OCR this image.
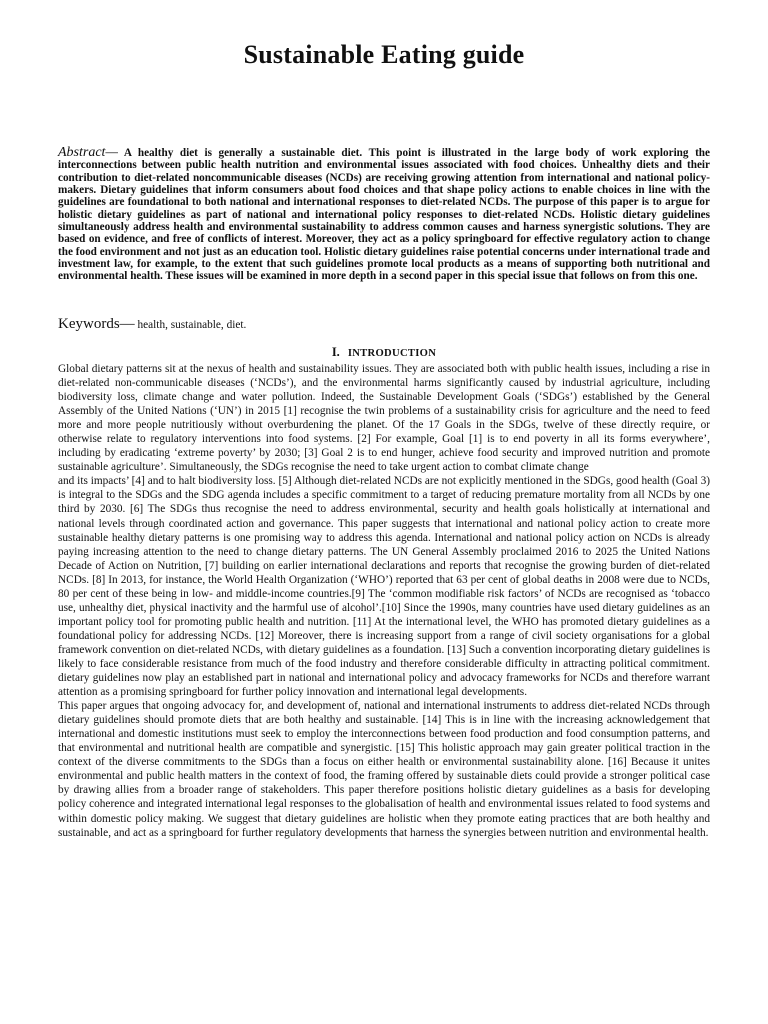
Sustainable Eating guide

Abstract— A healthy diet is generally a sustainable diet. This point is illustrated in the large body of work exploring the interconnections between public health nutrition and environmental issues associated with food choices. Unhealthy diets and their contribution to diet-related noncommunicable diseases (NCDs) are receiving growing attention from international and national policy-makers. Dietary guidelines that inform consumers about food choices and that shape policy actions to enable choices in line with the guidelines are foundational to both national and international responses to diet-related NCDs. The purpose of this paper is to argue for holistic dietary guidelines as part of national and international policy responses to diet-related NCDs. Holistic dietary guidelines simultaneously address health and environmental sustainability to address common causes and harness synergistic solutions. They are based on evidence, and free of conflicts of interest. Moreover, they act as a policy springboard for effective regulatory action to change the food environment and not just as an education tool. Holistic dietary guidelines raise potential concerns under international trade and investment law, for example, to the extent that such guidelines promote local products as a means of supporting both nutritional and environmental health. These issues will be examined in more depth in a second paper in this special issue that follows on from this one.

Keywords— health, sustainable, diet.

I. INTRODUCTION

Global dietary patterns sit at the nexus of health and sustainability issues. They are associated both with public health issues, including a rise in diet-related non-communicable diseases (‘NCDs’), and the environmental harms significantly caused by industrial agriculture, including biodiversity loss, climate change and water pollution. Indeed, the Sustainable Development Goals (‘SDGs’) established by the General Assembly of the United Nations (‘UN’) in 2015 [1] recognise the twin problems of a sustainability crisis for agriculture and the need to feed more and more people nutritiously without overburdening the planet. Of the 17 Goals in the SDGs, twelve of these directly require, or otherwise relate to regulatory interventions into food systems. [2] For example, Goal [1] is to end poverty in all its forms everywhere’, including by eradicating ‘extreme poverty’ by 2030; [3] Goal 2 is to end hunger, achieve food security and improved nutrition and promote sustainable agriculture’. Simultaneously, the SDGs recognise the need to take urgent action to combat climate change

and its impacts’ [4] and to halt biodiversity loss. [5] Although diet-related NCDs are not explicitly mentioned in the SDGs, good health (Goal 3) is integral to the SDGs and the SDG agenda includes a specific commitment to a target of reducing premature mortality from all NCDs by one third by 2030. [6] The SDGs thus recognise the need to address environmental, security and health goals holistically at international and national levels through coordinated action and governance. This paper suggests that international and national policy action to create more sustainable healthy dietary patterns is one promising way to address this agenda. International and national policy action on NCDs is already paying increasing attention to the need to change dietary patterns. The UN General Assembly proclaimed 2016 to 2025 the United Nations Decade of Action on Nutrition, [7] building on earlier international declarations and reports that recognise the growing burden of diet-related NCDs. [8] In 2013, for instance, the World Health Organization (‘WHO’) reported that 63 per cent of global deaths in 2008 were due to NCDs, 80 per cent of these being in low- and middle-income countries.[9] The ‘common modifiable risk factors’ of NCDs are recognised as ‘tobacco use, unhealthy diet, physical inactivity and the harmful use of alcohol’.[10] Since the 1990s, many countries have used dietary guidelines as an important policy tool for promoting public health and nutrition. [11] At the international level, the WHO has promoted dietary guidelines as a foundational policy for addressing NCDs. [12] Moreover, there is increasing support from a range of civil society organisations for a global framework convention on diet-related NCDs, with dietary guidelines as a foundation. [13] Such a convention incorporating dietary guidelines is likely to face considerable resistance from much of the food industry and therefore considerable difficulty in attracting political commitment. dietary guidelines now play an established part in national and international policy and advocacy frameworks for NCDs and therefore warrant attention as a promising springboard for further policy innovation and international legal developments.

This paper argues that ongoing advocacy for, and development of, national and international instruments to address diet-related NCDs through dietary guidelines should promote diets that are both healthy and sustainable. [14] This is in line with the increasing acknowledgement that international and domestic institutions must seek to employ the interconnections between food production and food consumption patterns, and that environmental and nutritional health are compatible and synergistic. [15] This holistic approach may gain greater political traction in the context of the diverse commitments to the SDGs than a focus on either health or environmental sustainability alone. [16] Because it unites environmental and public health matters in the context of food, the framing offered by sustainable diets could provide a stronger political case by drawing allies from a broader range of stakeholders. This paper therefore positions holistic dietary guidelines as a basis for developing policy coherence and integrated international legal responses to the globalisation of health and environmental issues related to food systems and within domestic policy making. We suggest that dietary guidelines are holistic when they promote eating practices that are both healthy and sustainable, and act as a springboard for further regulatory developments that harness the synergies between nutrition and environmental health.
